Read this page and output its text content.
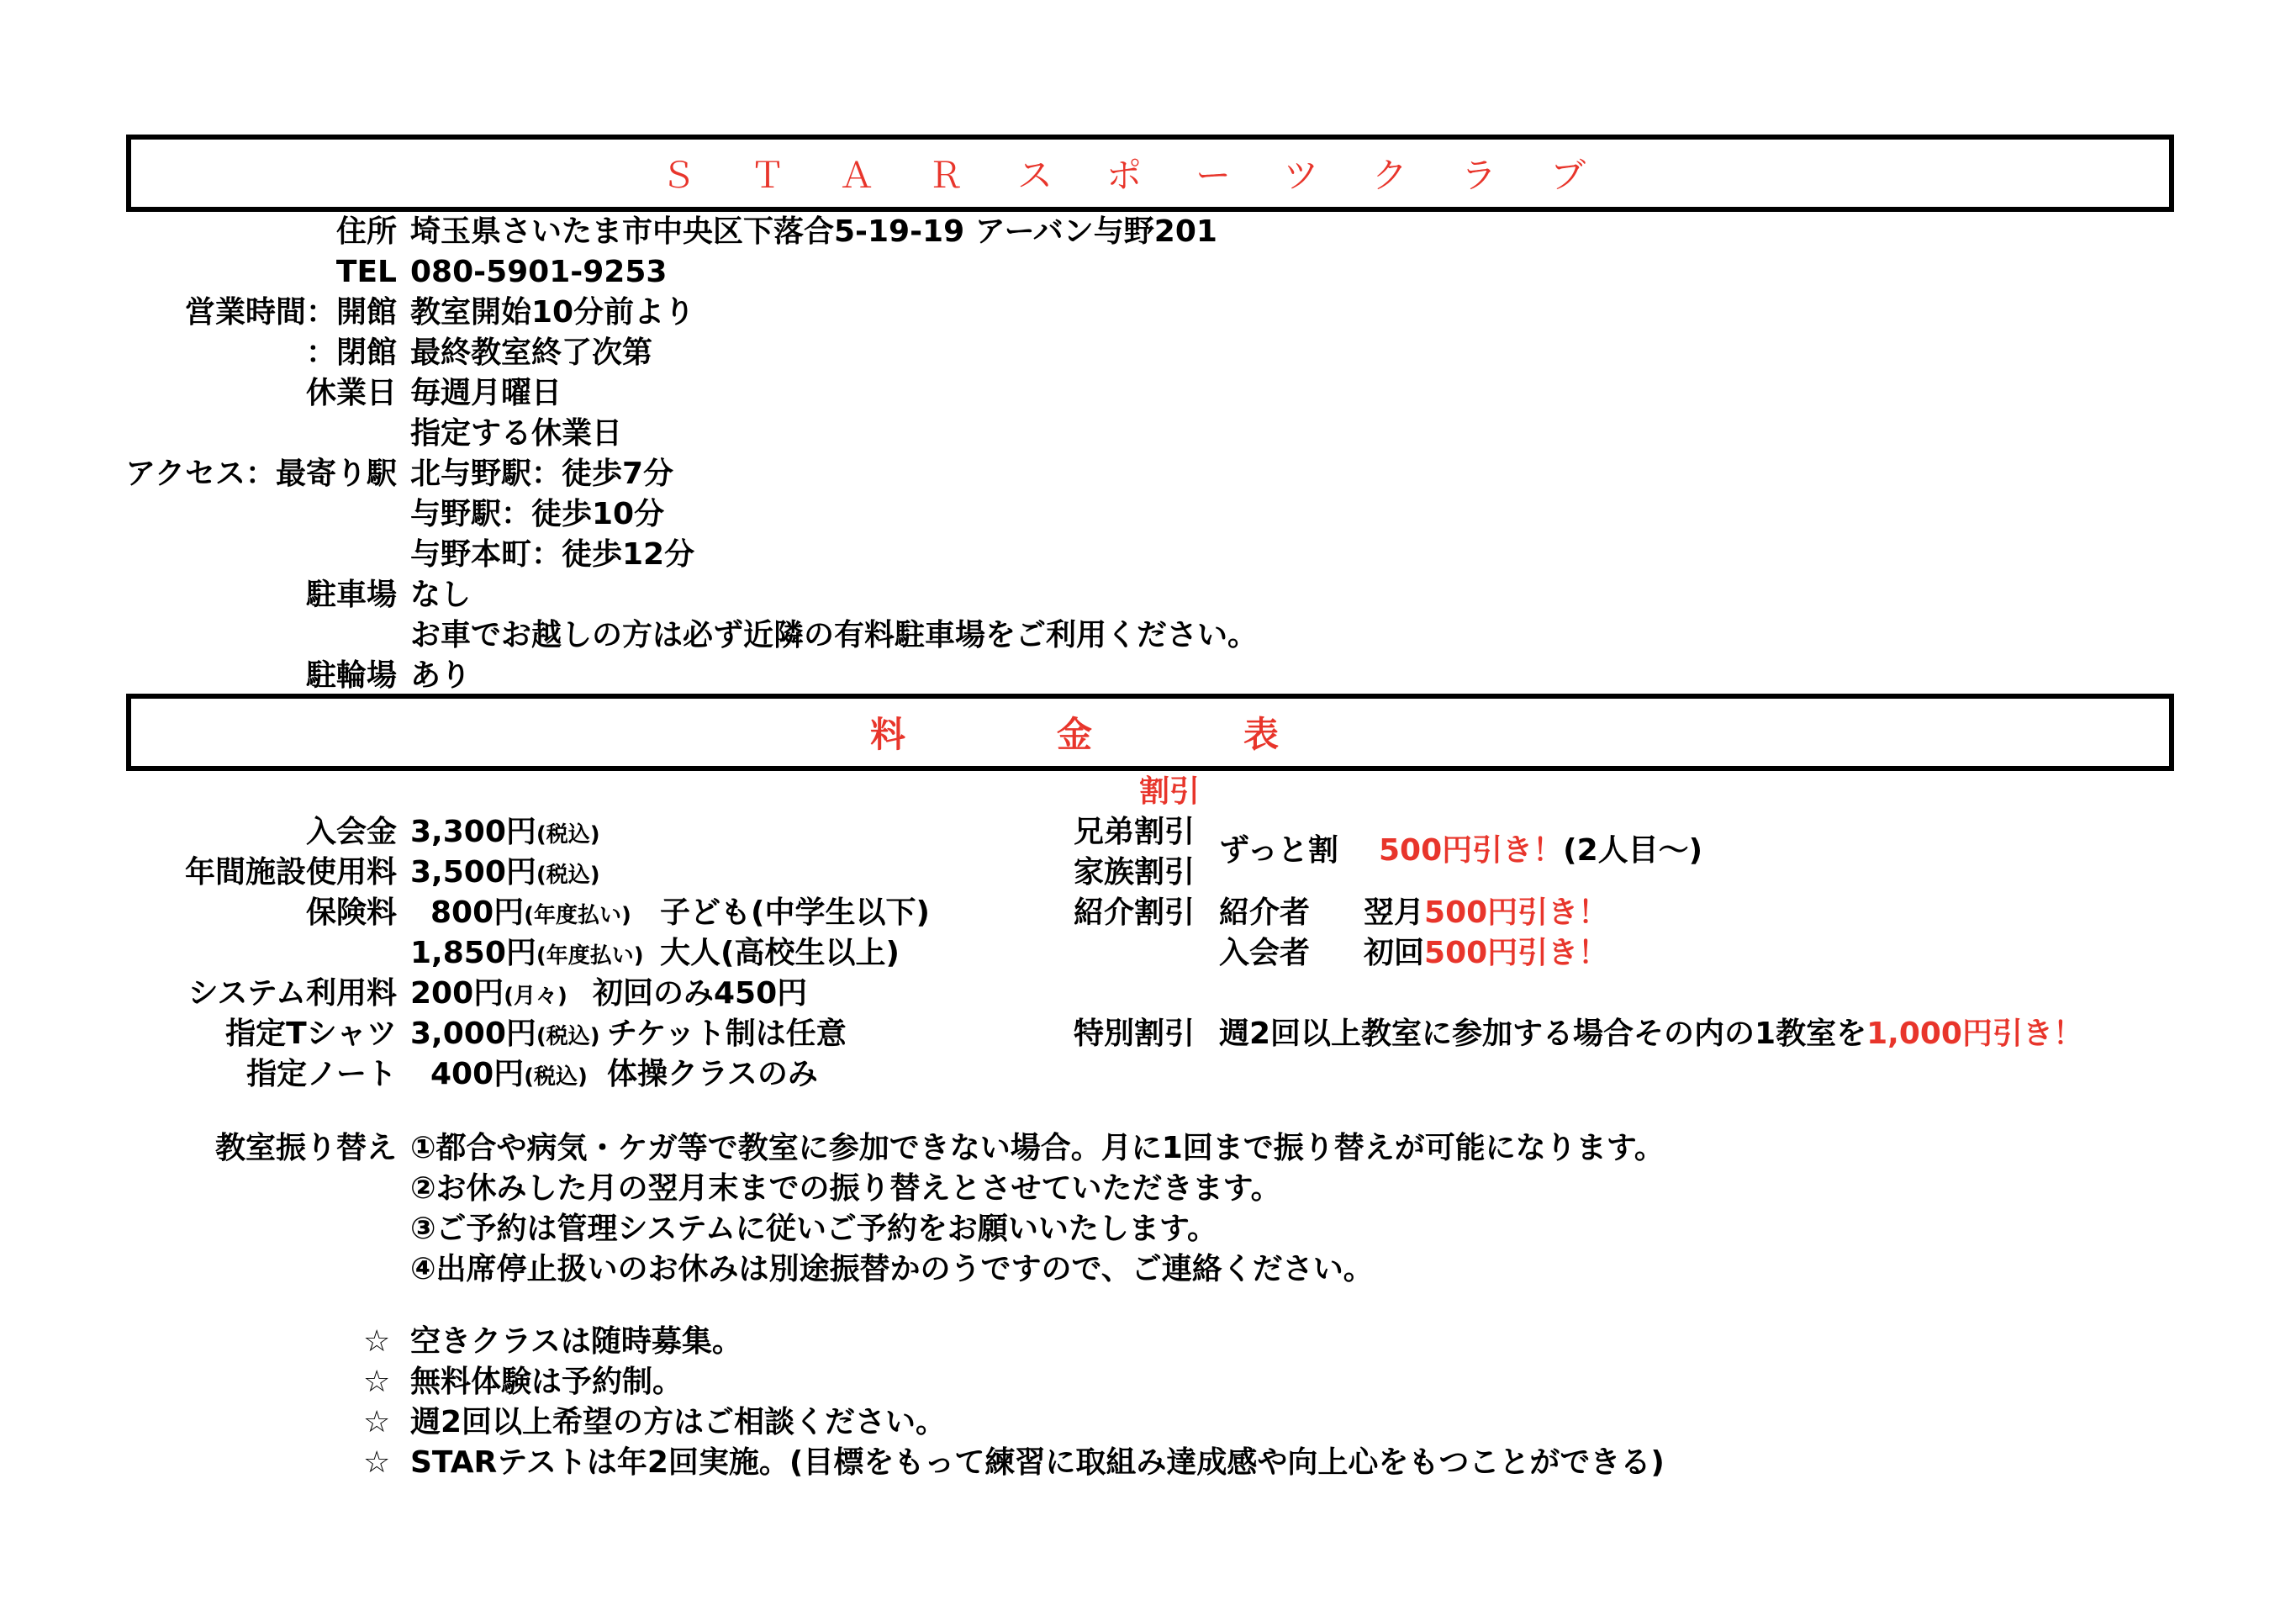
ＳＴＡＲスポーツクラブ
住所 埼玉県さいたま市中央区下落合5-19-19 アーバン与野201
TEL 080-5901-9253
営業時間：開館 教室開始10分前より
：閉館 最終教室終了次第
休業日 毎週月曜日
指定する休業日
アクセス：最寄り駅 北与野駅：徒歩7分
与野駅：徒歩10分
与野本町：徒歩12分
駐車場 なし
お車でお越しの方は必ず近隣の有料駐車場をご利用ください。
駐輪場 あり
料金表
入会金 3,300円(税込)
年間施設使用料 3,500円(税込)
保険料 800円(年度払い) 子ども(中学生以下)
1,850円(年度払い) 大人(高校生以上)
システム利用料 200円(月々) 初回のみ450円
指定Tシャツ 3,000円(税込) チケット制は任意
指定ノート 400円(税込) 体操クラスのみ
割引
兄弟割引
家族割引
ずっと割 500円引き！(2人目～)
紹介割引 紹介者 翌月500円引き！
入会者 初回500円引き！
特別割引 週2回以上教室に参加する場合その内の1教室を1,000円引き！
教室振り替え ①都合や病気・ケガ等で教室に参加できない場合。月に1回まで振り替えが可能になります。
②お休みした月の翌月末までの振り替えとさせていただきます。
③ご予約は管理システムに従いご予約をお願いいたします。
④出席停止扱いのお休みは別途振替かのうですので、ご連絡ください。
☆ 空きクラスは随時募集。
☆ 無料体験は予約制。
☆ 週2回以上希望の方はご相談ください。
☆ STARテストは年2回実施。(目標をもって練習に取組み達成感や向上心をもつことができる)
